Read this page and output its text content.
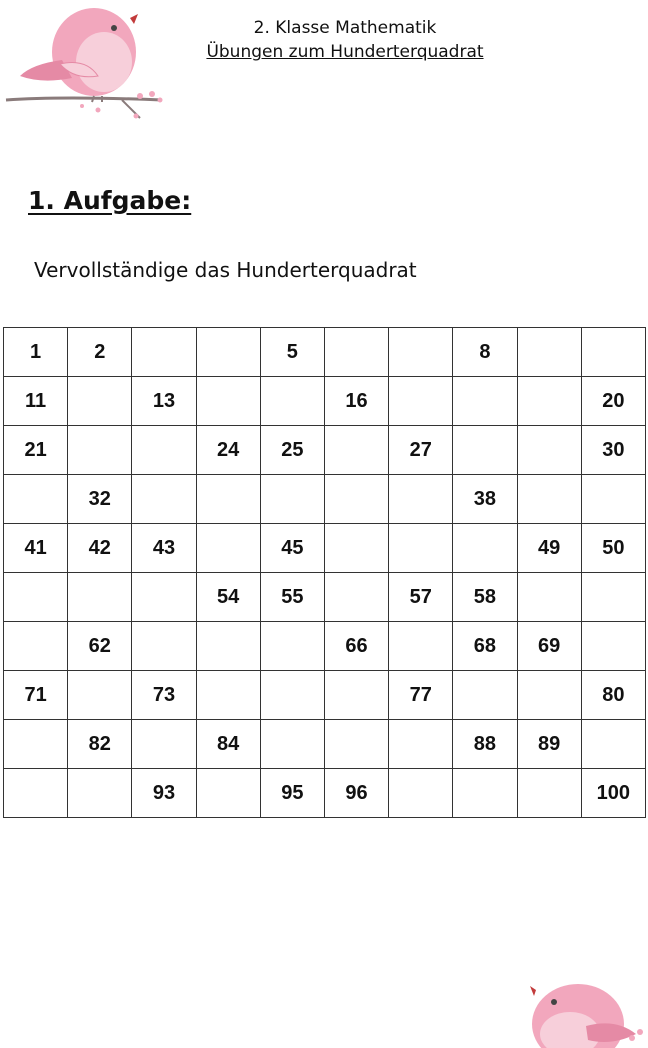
2. Klasse Mathematik
Übungen zum Hunderterquadrat
1. Aufgabe:
Vervollständige das Hunderterquadrat
1	2			5			8		
11		13			16				20
21			24	25		27			30
	32						38		
41	42	43		45				49	50
			54	55		57	58		
	62				66		68	69	
71		73				77			80
	82		84				88	89	
		93		95	96				100
